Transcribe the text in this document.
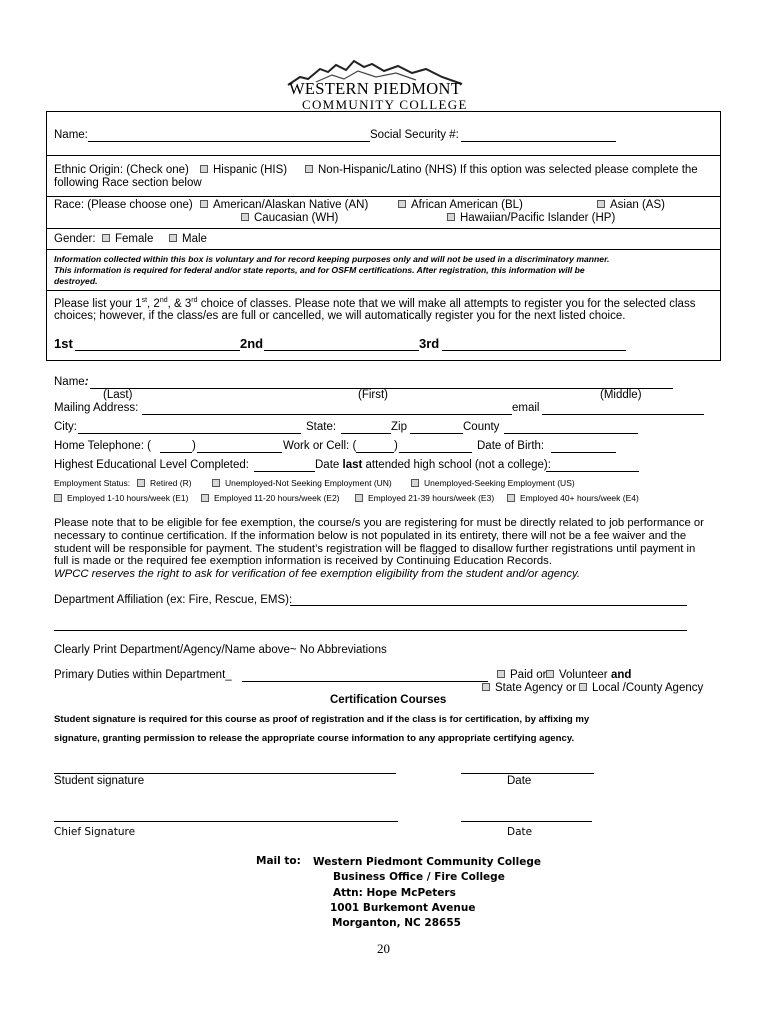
WESTERN PIEDMONT
COMMUNITY COLLEGE
Name:	Social Security #:
Ethnic Origin: (Check one)	Hispanic (HIS)	Non-Hispanic/Latino (NHS) If this option was selected please complete the
following Race section below
Race: (Please choose one)	American/Alaskan Native (AN)	African American (BL)	Asian (AS)
Caucasian (WH)	Hawaiian/Pacific Islander (HP)
Gender:	Female	Male
Information collected within this box is voluntary and for record keeping purposes only and will not be used in a discriminatory manner.
This information is required for federal and/or state reports, and for OSFM certifications. After registration, this information will be
destroyed.
Please list your 1st, 2nd, & 3rd choice of classes. Please note that we will make all attempts to register you for the selected class
choices; however, if the class/es are full or cancelled, we will automatically register you for the next listed choice.
1st	2nd	3rd
Name:
(Last)	(First)	(Middle)
Mailing Address:	email
City:	State:	Zip	County
Home Telephone: (	)	Work or Cell: (	)	Date of Birth:
Highest Educational Level Completed:	Date last attended high school (not a college):
Employment Status:	Retired (R)	Unemployed-Not Seeking Employment (UN)	Unemployed-Seeking Employment (US)
Employed 1-10 hours/week (E1)	Employed 11-20 hours/week (E2)	Employed 21-39 hours/week (E3)	Employed 40+ hours/week (E4)
Please note that to be eligible for fee exemption, the course/s you are registering for must be directly related to job performance or
necessary to continue certification. If the information below is not populated in its entirety, there will not be a fee waiver and the
student will be responsible for payment. The student’s registration will be flagged to disallow further registrations until payment in
full is made or the required fee exemption information is received by Continuing Education Records.
WPCC reserves the right to ask for verification of fee exemption eligibility from the student and/or agency.
Department Affiliation (ex: Fire, Rescue, EMS):
Clearly Print Department/Agency/Name above~ No Abbreviations
Primary Duties within Department_	Paid or	Volunteer and
State Agency or	Local /County Agency
Certification Courses
Student signature is required for this course as proof of registration and if the class is for certification, by affixing my
signature, granting permission to release the appropriate course information to any appropriate certifying agency.
Student signature	Date
Chief Signature	Date
Mail to: Western Piedmont Community College
Business Office / Fire College
Attn: Hope McPeters
1001 Burkemont Avenue
Morganton, NC 28655
20
